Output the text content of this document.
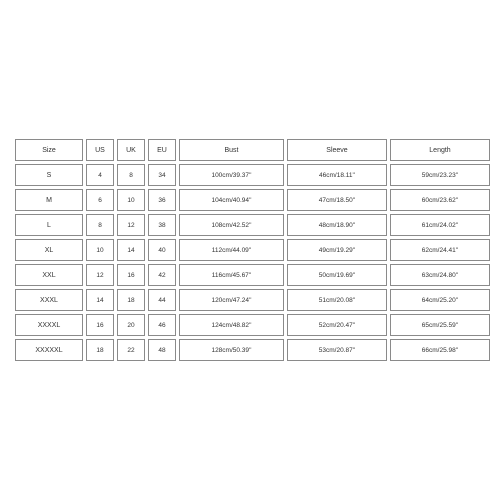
Size	US	UK	EU	Bust	Sleeve	Length
S	4	8	34	100cm/39.37''	46cm/18.11''	59cm/23.23''
M	6	10	36	104cm/40.94''	47cm/18.50''	60cm/23.62''
L	8	12	38	108cm/42.52''	48cm/18.90''	61cm/24.02''
XL	10	14	40	112cm/44.09''	49cm/19.29''	62cm/24.41''
XXL	12	16	42	116cm/45.67''	50cm/19.69''	63cm/24.80''
XXXL	14	18	44	120cm/47.24''	51cm/20.08''	64cm/25.20''
XXXXL	16	20	46	124cm/48.82''	52cm/20.47''	65cm/25.59''
XXXXXL	18	22	48	128cm/50.39''	53cm/20.87''	66cm/25.98''
